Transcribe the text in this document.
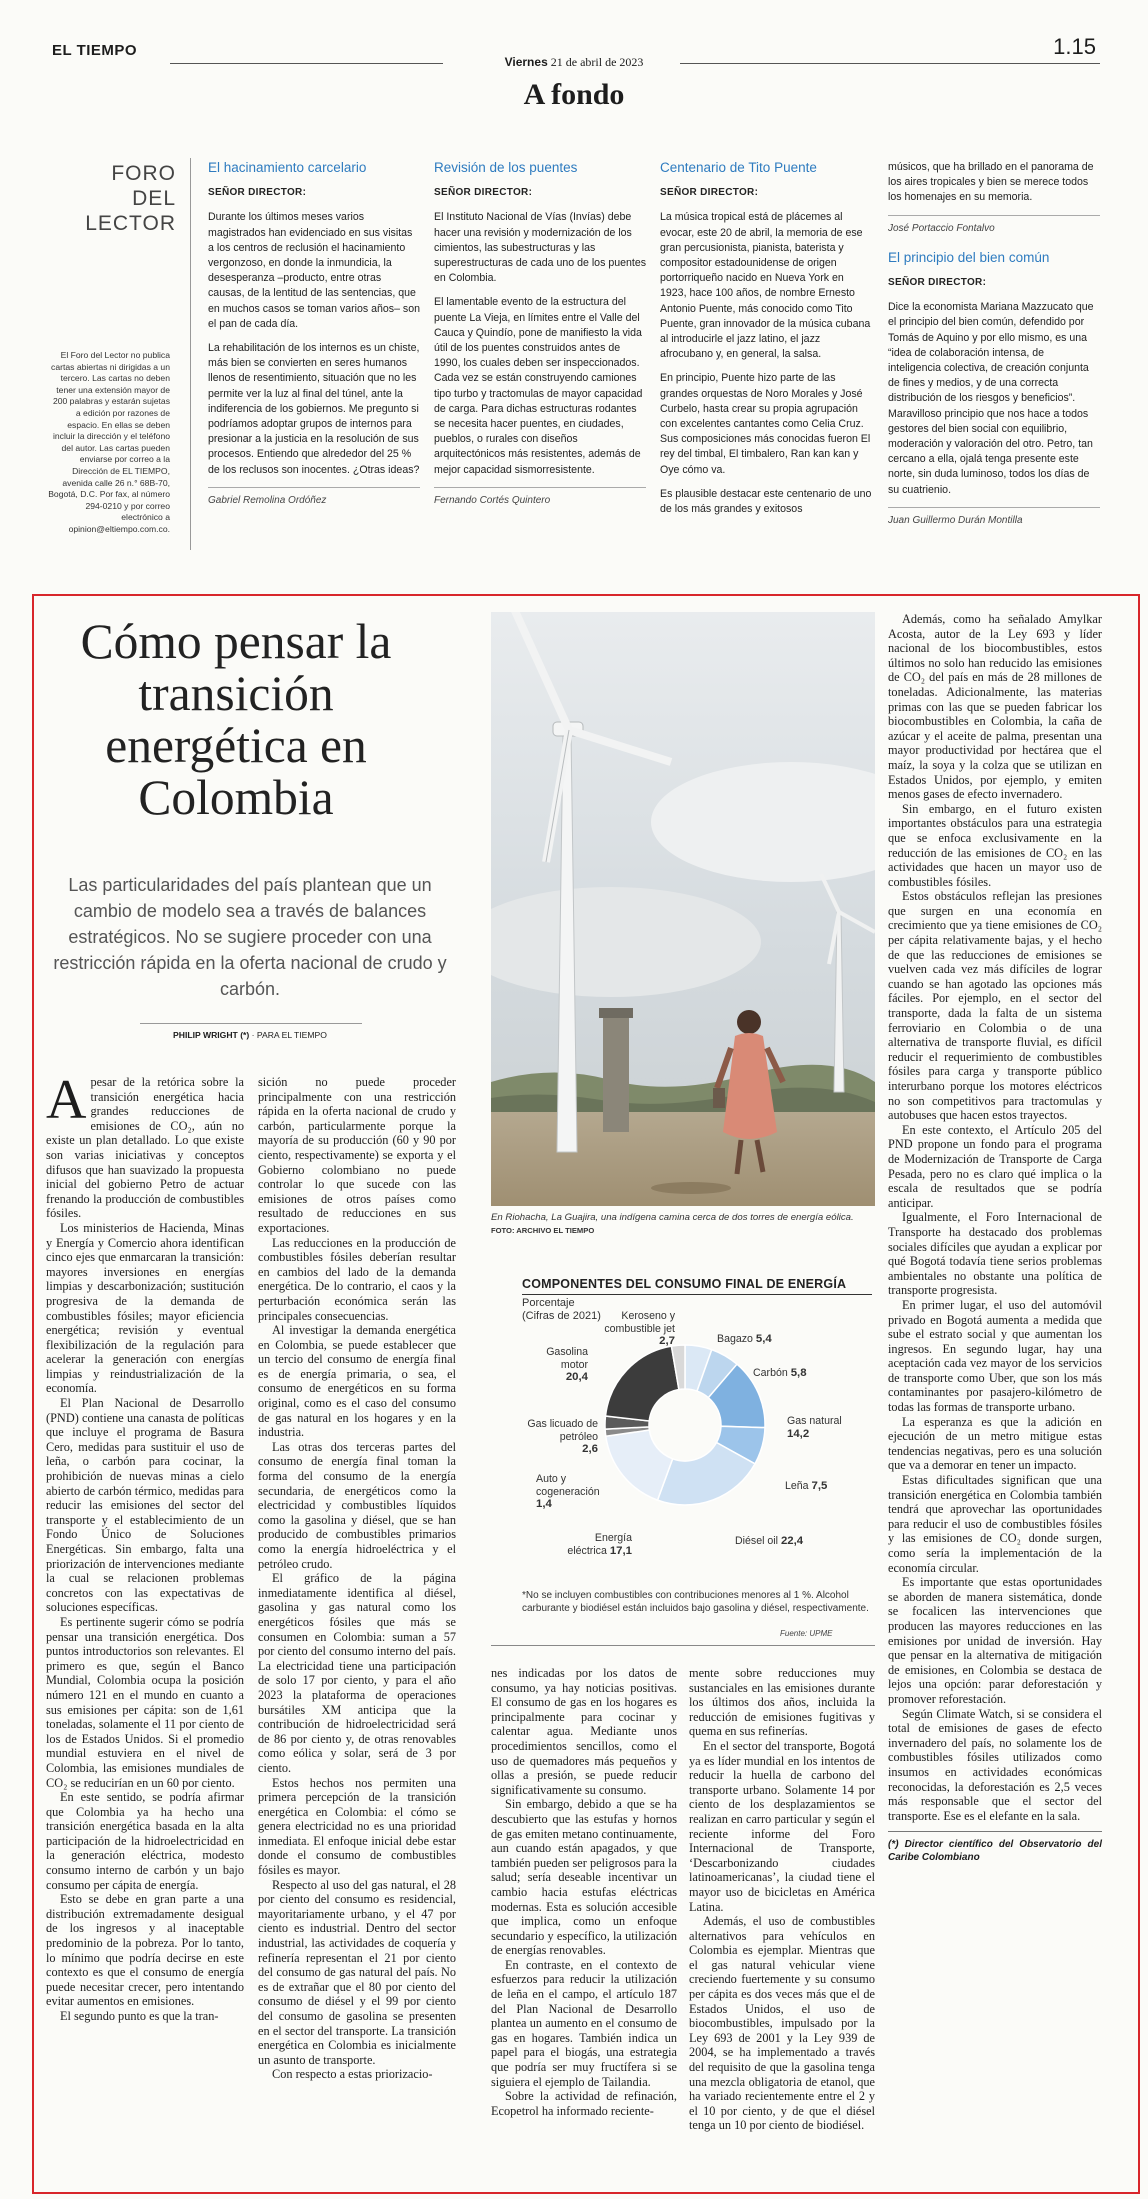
EL TIEMPO	1.15
Viernes 21 de abril de 2023
A fondo
FORO DEL
LECTOR
El Foro del Lector no publica cartas abiertas ni dirigidas a un tercero. Las cartas no deben tener una extensión mayor de 200 palabras y estarán sujetas a edición por razones de espacio. En ellas se deben incluir la dirección y el teléfono del autor. Las cartas pueden enviarse por correo a la Dirección de EL TIEMPO, avenida calle 26 n.° 68B-70, Bogotá, D.C. Por fax, al número 294-0210 y por correo electrónico a opinion@eltiempo.com.co.
El hacinamiento carcelario
SEÑOR DIRECTOR:

Durante los últimos meses varios magistrados han evidenciado en sus visitas a los centros de reclusión el hacinamiento vergonzoso, en donde la inmundicia, la desesperanza –producto, entre otras causas, de la lentitud de las sentencias, que en muchos casos se toman varios años– son el pan de cada día.

La rehabilitación de los internos es un chiste, más bien se convierten en seres humanos llenos de resentimiento, situación que no les permite ver la luz al final del túnel, ante la indiferencia de los gobiernos. Me pregunto si podríamos adoptar grupos de internos para presionar a la justicia en la resolución de sus procesos. Entiendo que alrededor del 25 % de los reclusos son inocentes. ¿Otras ideas?

Gabriel Remolina Ordóñez
Revisión de los puentes
SEÑOR DIRECTOR:

El Instituto Nacional de Vías (Invías) debe hacer una revisión y modernización de los cimientos, las subestructuras y las superestructuras de cada uno de los puentes en Colombia.

El lamentable evento de la estructura del puente La Vieja, en límites entre el Valle del Cauca y Quindío, pone de manifiesto la vida útil de los puentes construidos antes de 1990, los cuales deben ser inspeccionados. Cada vez se están construyendo camiones tipo turbo y tractomulas de mayor capacidad de carga. Para dichas estructuras rodantes se necesita hacer puentes, en ciudades, pueblos, o rurales con diseños arquitectónicos más resistentes, además de mejor capacidad sismorresistente.

Fernando Cortés Quintero
Centenario de Tito Puente
SEÑOR DIRECTOR:

La música tropical está de plácemes al evocar, este 20 de abril, la memoria de ese gran percusionista, pianista, baterista y compositor estadounidense de origen portorriqueño nacido en Nueva York en 1923, hace 100 años, de nombre Ernesto Antonio Puente, más conocido como Tito Puente, gran innovador de la música cubana al introducirle el jazz latino, el jazz afrocubano y, en general, la salsa.

En principio, Puente hizo parte de las grandes orquestas de Noro Morales y José Curbelo, hasta crear su propia agrupación con excelentes cantantes como Celia Cruz. Sus composiciones más conocidas fueron El rey del timbal, El timbalero, Ran kan kan y Oye cómo va.

Es plausible destacar este centenario de uno de los más grandes y exitosos

músicos, que ha brillado en el panorama de los aires tropicales y bien se merece todos los homenajes en su memoria.

José Portaccio Fontalvo
El principio del bien común
SEÑOR DIRECTOR:

Dice la economista Mariana Mazzucato que el principio del bien común, defendido por Tomás de Aquino y por ello mismo, es una “idea de colaboración intensa, de inteligencia colectiva, de creación conjunta de fines y medios, y de una correcta distribución de los riesgos y beneficios”. Maravilloso principio que nos hace a todos gestores del bien social con equilibrio, moderación y valoración del otro. Petro, tan cercano a ella, ojalá tenga presente este norte, sin duda luminoso, todos los días de su cuatrienio.

Juan Guillermo Durán Montilla
Cómo pensar la transición energética en Colombia
Las particularidades del país plantean que un cambio de modelo sea a través de balances estratégicos. No se sugiere proceder con una restricción rápida en la oferta nacional de crudo y carbón.
PHILIP WRIGHT (*) · PARA EL TIEMPO

Apesar de la retórica sobre la transición energética hacia grandes reducciones de emisiones de CO₂, aún no existe un plan detallado. Lo que existe son varias iniciativas y conceptos difusos que han suavizado la propuesta inicial del gobierno Petro de actuar frenando la producción de combustibles fósiles.

Los ministerios de Hacienda, Minas y Energía y Comercio ahora identifican cinco ejes que enmarcaran la transición: mayores inversiones en energías limpias y descarbonización; sustitución progresiva de la demanda de combustibles fósiles; mayor eficiencia energética; revisión y eventual flexibilización de la regulación para acelerar la generación con energías limpias y reindustrialización de la economía.

El Plan Nacional de Desarrollo (PND) contiene una canasta de políticas que incluye el programa de Basura Cero, medidas para sustituir el uso de leña, o carbón para cocinar, la prohibición de nuevas minas a cielo abierto de carbón térmico, medidas para reducir las emisiones del sector del transporte y el establecimiento de un Fondo Único de Soluciones Energéticas. Sin embargo, falta una priorización de intervenciones mediante la cual se relacionen problemas concretos con las expectativas de soluciones específicas.

Es pertinente sugerir cómo se podría pensar una transición energética. Dos puntos introductorios son relevantes. El primero es que, según el Banco Mundial, Colombia ocupa la posición número 121 en el mundo en cuanto a sus emisiones per cápita: son de 1,61 toneladas, solamente el 11 por ciento de los de Estados Unidos. Si el promedio mundial estuviera en el nivel de Colombia, las emisiones mundiales de CO₂ se reducirían en un 60 por ciento.

En este sentido, se podría afirmar que Colombia ya ha hecho una transición energética basada en la alta participación de la hidroelectricidad en la generación eléctrica, modesto consumo interno de carbón y un bajo consumo per cápita de energía.

Esto se debe en gran parte a una distribución extremadamente desigual de los ingresos y al inaceptable predominio de la pobreza. Por lo tanto, lo mínimo que podría decirse en este contexto es que el consumo de energía puede necesitar crecer, pero intentando evitar aumentos en emisiones.

El segundo punto es que la tran-

sición no puede proceder principalmente con una restricción rápida en la oferta nacional de crudo y carbón, particularmente porque la mayoría de su producción (60 y 90 por ciento, respectivamente) se exporta y el Gobierno colombiano no puede controlar lo que sucede con las emisiones de otros países como resultado de reducciones en sus exportaciones.

Las reducciones en la producción de combustibles fósiles deberían resultar en cambios del lado de la demanda energética. De lo contrario, el caos y la perturbación económica serán las principales consecuencias.

Al investigar la demanda energética en Colombia, se puede establecer que un tercio del consumo de energía final es de energía primaria, o sea, el consumo de energéticos en su forma original, como es el caso del consumo de gas natural en los hogares y en la industria.

Las otras dos terceras partes del consumo de energía final toman la forma del consumo de la energía secundaria, de energéticos como la electricidad y combustibles líquidos como la gasolina y diésel, que se han producido de combustibles primarios como la energía hidroeléctrica y el petróleo crudo.

El gráfico de la página inmediatamente identifica al diésel, gasolina y gas natural como los energéticos fósiles que más se consumen en Colombia: suman a 57 por ciento del consumo interno del país. La electricidad tiene una participación de solo 17 por ciento, y para el año 2023 la plataforma de operaciones bursátiles XM anticipa que la contribución de hidroelectricidad será de 86 por ciento y, de otras renovables como eólica y solar, será de 3 por ciento.

Estos hechos nos permiten una primera percepción de la transición energética en Colombia: el cómo se genera electricidad no es una prioridad inmediata. El enfoque inicial debe estar donde el consumo de combustibles fósiles es mayor.

Respecto al uso del gas natural, el 28 por ciento del consumo es residencial, mayoritariamente urbano, y el 47 por ciento es industrial. Dentro del sector industrial, las actividades de coquería y refinería representan el 21 por ciento del consumo de gas natural del país. No es de extrañar que el 80 por ciento del consumo de diésel y el 99 por ciento del consumo de gasolina se presenten en el sector del transporte. La transición energética en Colombia es inicialmente un asunto de transporte.

Con respecto a estas priorizacio-

nes indicadas por los datos de consumo, ya hay noticias positivas. El consumo de gas en los hogares es principalmente para cocinar y calentar agua. Mediante unos procedimientos sencillos, como el uso de quemadores más pequeños y ollas a presión, se puede reducir significativamente su consumo.

Sin embargo, debido a que se ha descubierto que las estufas y hornos de gas emiten metano continuamente, aun cuando están apagados, y que también pueden ser peligrosos para la salud; sería deseable incentivar un cambio hacia estufas eléctricas modernas. Esta es solución accesible que implica, como un enfoque secundario y específico, la utilización de energías renovables.

En contraste, en el contexto de esfuerzos para reducir la utilización de leña en el campo, el artículo 187 del Plan Nacional de Desarrollo plantea un aumento en el consumo de gas en hogares. También indica un papel para el biogás, una estrategia que podría ser muy fructífera si se siguiera el ejemplo de Tailandia.

Sobre la actividad de refinación, Ecopetrol ha informado reciente-

mente sobre reducciones muy sustanciales en las emisiones durante los últimos dos años, incluida la reducción de emisiones fugitivas y quema en sus refinerías.

En el sector del transporte, Bogotá ya es líder mundial en los intentos de reducir la huella de carbono del transporte urbano. Solamente 14 por ciento de los desplazamientos se realizan en carro particular y según el reciente informe del Foro Internacional de Transporte, ‘Descarbonizando ciudades latinoamericanas’, la ciudad tiene el mayor uso de bicicletas en América Latina.

Además, el uso de combustibles alternativos para vehículos en Colombia es ejemplar. Mientras que el gas natural vehicular viene creciendo fuertemente y su consumo per cápita es dos veces más que el de Estados Unidos, el uso de biocombustibles, impulsado por la Ley 693 de 2001 y la Ley 939 de 2004, se ha implementado a través del requisito de que la gasolina tenga una mezcla obligatoria de etanol, que ha variado recientemente entre el 2 y el 10 por ciento, y de que el diésel tenga un 10 por ciento de biodiésel.

Además, como ha señalado Amylkar Acosta, autor de la Ley 693 y líder nacional de los biocombustibles, estos últimos no solo han reducido las emisiones de CO₂ del país en más de 28 millones de toneladas. Adicionalmente, las materias primas con las que se pueden fabricar los biocombustibles en Colombia, la caña de azúcar y el aceite de palma, presentan una mayor productividad por hectárea que el maíz, la soya y la colza que se utilizan en Estados Unidos, por ejemplo, y emiten menos gases de efecto invernadero.

Sin embargo, en el futuro existen importantes obstáculos para una estrategia que se enfoca exclusivamente en la reducción de las emisiones de CO₂ en las actividades que hacen un mayor uso de combustibles fósiles.

Estos obstáculos reflejan las presiones que surgen en una economía en crecimiento que ya tiene emisiones de CO₂ per cápita relativamente bajas, y el hecho de que las reducciones de emisiones se vuelven cada vez más difíciles de lograr cuando se han agotado las opciones más fáciles. Por ejemplo, en el sector del transporte, dada la falta de un sistema ferroviario en Colombia o de una alternativa de transporte fluvial, es difícil reducir el requerimiento de combustibles fósiles para carga y transporte público interurbano porque los motores eléctricos no son competitivos para tractomulas y autobuses que hacen estos trayectos.

En este contexto, el Artículo 205 del PND propone un fondo para el programa de Modernización de Transporte de Carga Pesada, pero no es claro qué implica o la escala de resultados que se podría anticipar.

Igualmente, el Foro Internacional de Transporte ha destacado dos problemas sociales difíciles que ayudan a explicar por qué Bogotá todavía tiene serios problemas ambientales no obstante una política de transporte progresista.

En primer lugar, el uso del automóvil privado en Bogotá aumenta a medida que sube el estrato social y que aumentan los ingresos. En segundo lugar, hay una aceptación cada vez mayor de los servicios de transporte como Uber, que son los más contaminantes por pasajero-kilómetro de todas las formas de transporte urbano.

La esperanza es que la adición en ejecución de un metro mitigue estas tendencias negativas, pero es una solución que va a demorar en tener un impacto.

Estas dificultades significan que una transición energética en Colombia también tendrá que aprovechar las oportunidades para reducir el uso de combustibles fósiles y las emisiones de CO₂ donde surgen, como sería la implementación de la economía circular.

Es importante que estas oportunidades se aborden de manera sistemática, donde se focalicen las intervenciones que producen las mayores reducciones en las emisiones por unidad de inversión. Hay que pensar en la alternativa de mitigación de emisiones, en Colombia se destaca de lejos una opción: parar deforestación y promover reforestación.

Según Climate Watch, si se considera el total de emisiones de gases de efecto invernadero del país, no solamente los de combustibles fósiles utilizados como insumos en actividades económicas reconocidas, la deforestación es 2,5 veces más responsable que el sector del transporte. Ese es el elefante en la sala.

(*) Director científico del Observatorio del Caribe Colombiano
En Riohacha, La Guajira, una indígena camina cerca de dos torres de energía eólica. FOTO: ARCHIVO EL TIEMPO
COMPONENTES DEL CONSUMO FINAL DE ENERGÍA
Porcentaje
(Cifras de 2021)	Keroseno y combustible jet 2,7	Bagazo 5,4
Carbón 5,8
Gas natural
14,2
Leña 7,5
Diésel oil 22,4
Energía eléctrica 17,1
Auto y cogeneración
1,4
Gas licuado de petróleo
2,6
Gasolina motor
20,4
*No se incluyen combustibles con contribuciones menores al 1 %. Alcohol carburante y biodiésel están incluidos bajo gasolina y diésel, respectivamente.
Fuente: UPME
